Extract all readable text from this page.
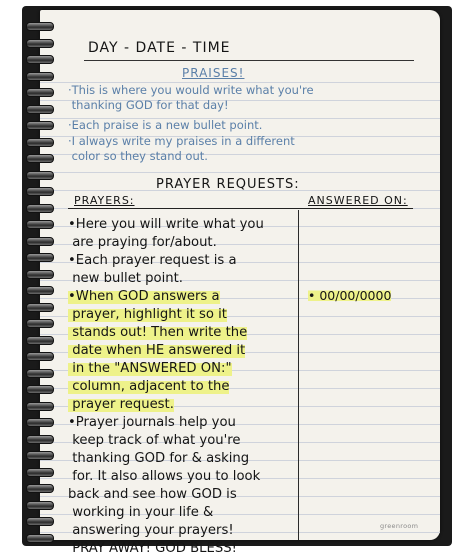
DAY - DATE - TIME

PRAISES!

·This is where you would write what you're

thanking GOD for that day!

·Each praise is a new bullet point.

·I always write my praises in a different

color so they stand out.

PRAYER REQUESTS:

PRAYERS:	ANSWERED ON:

•Here you will write what you

are praying for/about.

•Each prayer request is a

new bullet point.

•When GOD answers a

prayer, highlight it so it

stands out! Then write the

date when HE answered it

in the "ANSWERED ON:"

column, adjacent to the

prayer request.

•Prayer journals help you

keep track of what you're

thanking GOD for & asking

for. It also allows you to look

back and see how GOD is

working in your life &

answering your prayers!

PRAY AWAY! GOD BLESS!

• 00/00/0000

greenroom
